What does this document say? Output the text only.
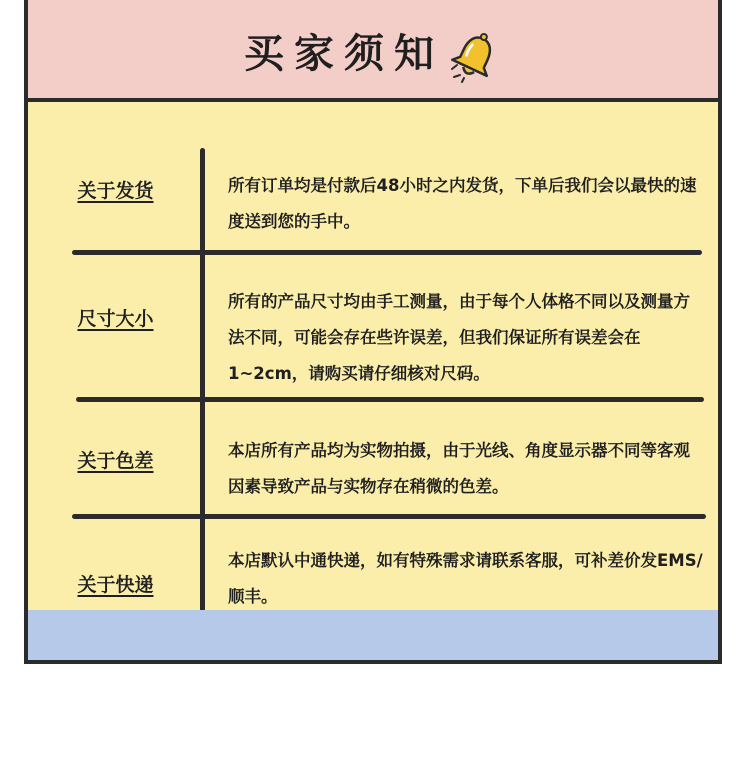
买家须知
关于发货	所有订单均是付款后48小时之内发货，下单后我们会以最快的速度送到您的手中。
尺寸大小
所有的产品尺寸均由手工测量，由于每个人体格不同以及测量方法不同，可能会存在些许误差，但我们保证所有误差会在1~2cm，请购买请仔细核对尺码。
关于色差	本店所有产品均为实物拍摄，由于光线、角度显示器不同等客观因素导致产品与实物存在稍微的色差。
关于快递
本店默认中通快递，如有特殊需求请联系客服，可补差价发EMS/顺丰。
